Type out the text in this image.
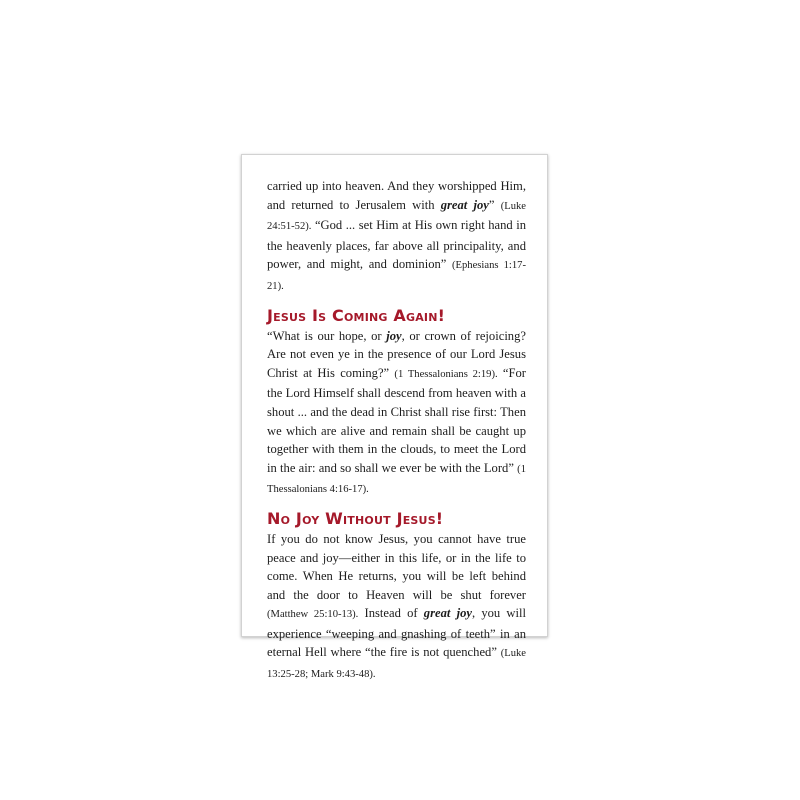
carried up into heaven. And they worshipped Him, and returned to Jerusalem with great joy” (Luke 24:51-52). “God ... set Him at His own right hand in the heavenly places, far above all principality, and power, and might, and dominion” (Ephesians 1:17-21).

Jesus Is Coming Again!

“What is our hope, or joy, or crown of rejoicing? Are not even ye in the presence of our Lord Jesus Christ at His coming?” (1 Thessalonians 2:19). “For the Lord Himself shall descend from heaven with a shout ... and the dead in Christ shall rise first: Then we which are alive and remain shall be caught up together with them in the clouds, to meet the Lord in the air: and so shall we ever be with the Lord” (1 Thessalonians 4:16-17).

No Joy Without Jesus!

If you do not know Jesus, you cannot have true peace and joy—either in this life, or in the life to come. When He returns, you will be left behind and the door to Heaven will be shut forever (Matthew 25:10-13). Instead of great joy, you will experience “weeping and gnashing of teeth” in an eternal Hell where “the fire is not quenched” (Luke 13:25-28; Mark 9:43-48).
